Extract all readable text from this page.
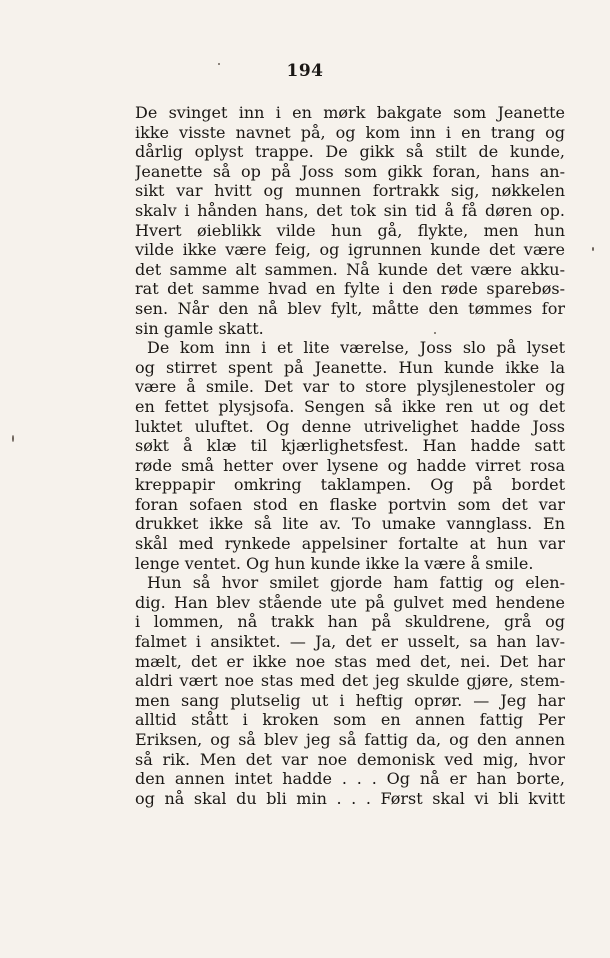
194
De svinget inn i en mørk bakgate som Jeanette
ikke visste navnet på, og kom inn i en trang og
dårlig oplyst trappe. De gikk så stilt de kunde,
Jeanette så op på Joss som gikk foran, hans an-
sikt var hvitt og munnen fortrakk sig, nøkkelen
skalv i hånden hans, det tok sin tid å få døren op.
Hvert øieblikk vilde hun gå, flykte, men hun
vilde ikke være feig, og igrunnen kunde det være
det samme alt sammen. Nå kunde det være akku-
rat det samme hvad en fylte i den røde sparebøs-
sen. Når den nå blev fylt, måtte den tømmes for
sin gamle skatt.
De kom inn i et lite værelse, Joss slo på lyset
og stirret spent på Jeanette. Hun kunde ikke la
være å smile. Det var to store plysjlenestoler og
en fettet plysjsofa. Sengen så ikke ren ut og det
luktet uluftet. Og denne utrivelighet hadde Joss
søkt å klæ til kjærlighetsfest. Han hadde satt
røde små hetter over lysene og hadde virret rosa
kreppapir omkring taklampen. Og på bordet
foran sofaen stod en flaske portvin som det var
drukket ikke så lite av. To umake vannglass. En
skål med rynkede appelsiner fortalte at hun var
lenge ventet. Og hun kunde ikke la være å smile.
Hun så hvor smilet gjorde ham fattig og elen-
dig. Han blev stående ute på gulvet med hendene
i lommen, nå trakk han på skuldrene, grå og
falmet i ansiktet. — Ja, det er usselt, sa han lav-
mælt, det er ikke noe stas med det, nei. Det har
aldri vært noe stas med det jeg skulde gjøre, stem-
men sang plutselig ut i heftig oprør. — Jeg har
alltid stått i kroken som en annen fattig Per
Eriksen, og så blev jeg så fattig da, og den annen
så rik. Men det var noe demonisk ved mig, hvor
den annen intet hadde . . . Og nå er han borte,
og nå skal du bli min . . . Først skal vi bli kvitt
